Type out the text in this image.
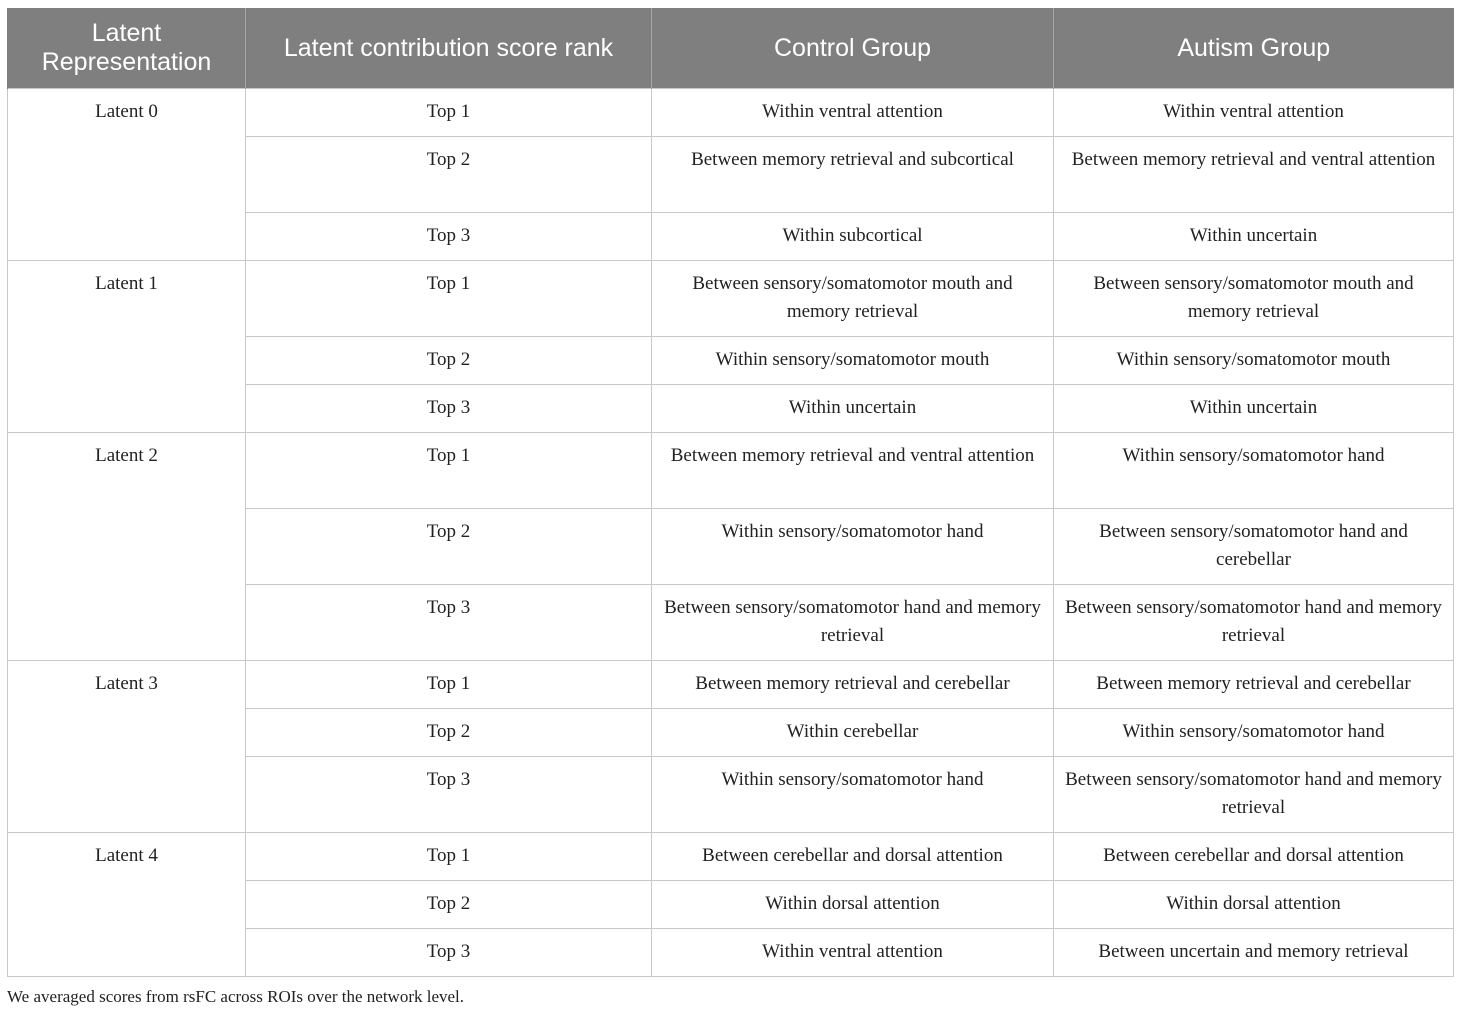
Latent Representation	Latent contribution score rank	Control Group	Autism Group
Latent 0	Top 1	Within ventral attention	Within ventral attention
	Top 2	Between memory retrieval and subcortical	Between memory retrieval and ventral attention
	Top 3	Within subcortical	Within uncertain
Latent 1	Top 1	Between sensory/somatomotor mouth and memory retrieval	Between sensory/somatomotor mouth and memory retrieval
	Top 2	Within sensory/somatomotor mouth	Within sensory/somatomotor mouth
	Top 3	Within uncertain	Within uncertain
Latent 2	Top 1	Between memory retrieval and ventral attention	Within sensory/somatomotor hand
	Top 2	Within sensory/somatomotor hand	Between sensory/somatomotor hand and cerebellar
	Top 3	Between sensory/somatomotor hand and memory retrieval	Between sensory/somatomotor hand and memory retrieval
Latent 3	Top 1	Between memory retrieval and cerebellar	Between memory retrieval and cerebellar
	Top 2	Within cerebellar	Within sensory/somatomotor hand
	Top 3	Within sensory/somatomotor hand	Between sensory/somatomotor hand and memory retrieval
Latent 4	Top 1	Between cerebellar and dorsal attention	Between cerebellar and dorsal attention
	Top 2	Within dorsal attention	Within dorsal attention
	Top 3	Within ventral attention	Between uncertain and memory retrieval
We averaged scores from rsFC across ROIs over the network level.
